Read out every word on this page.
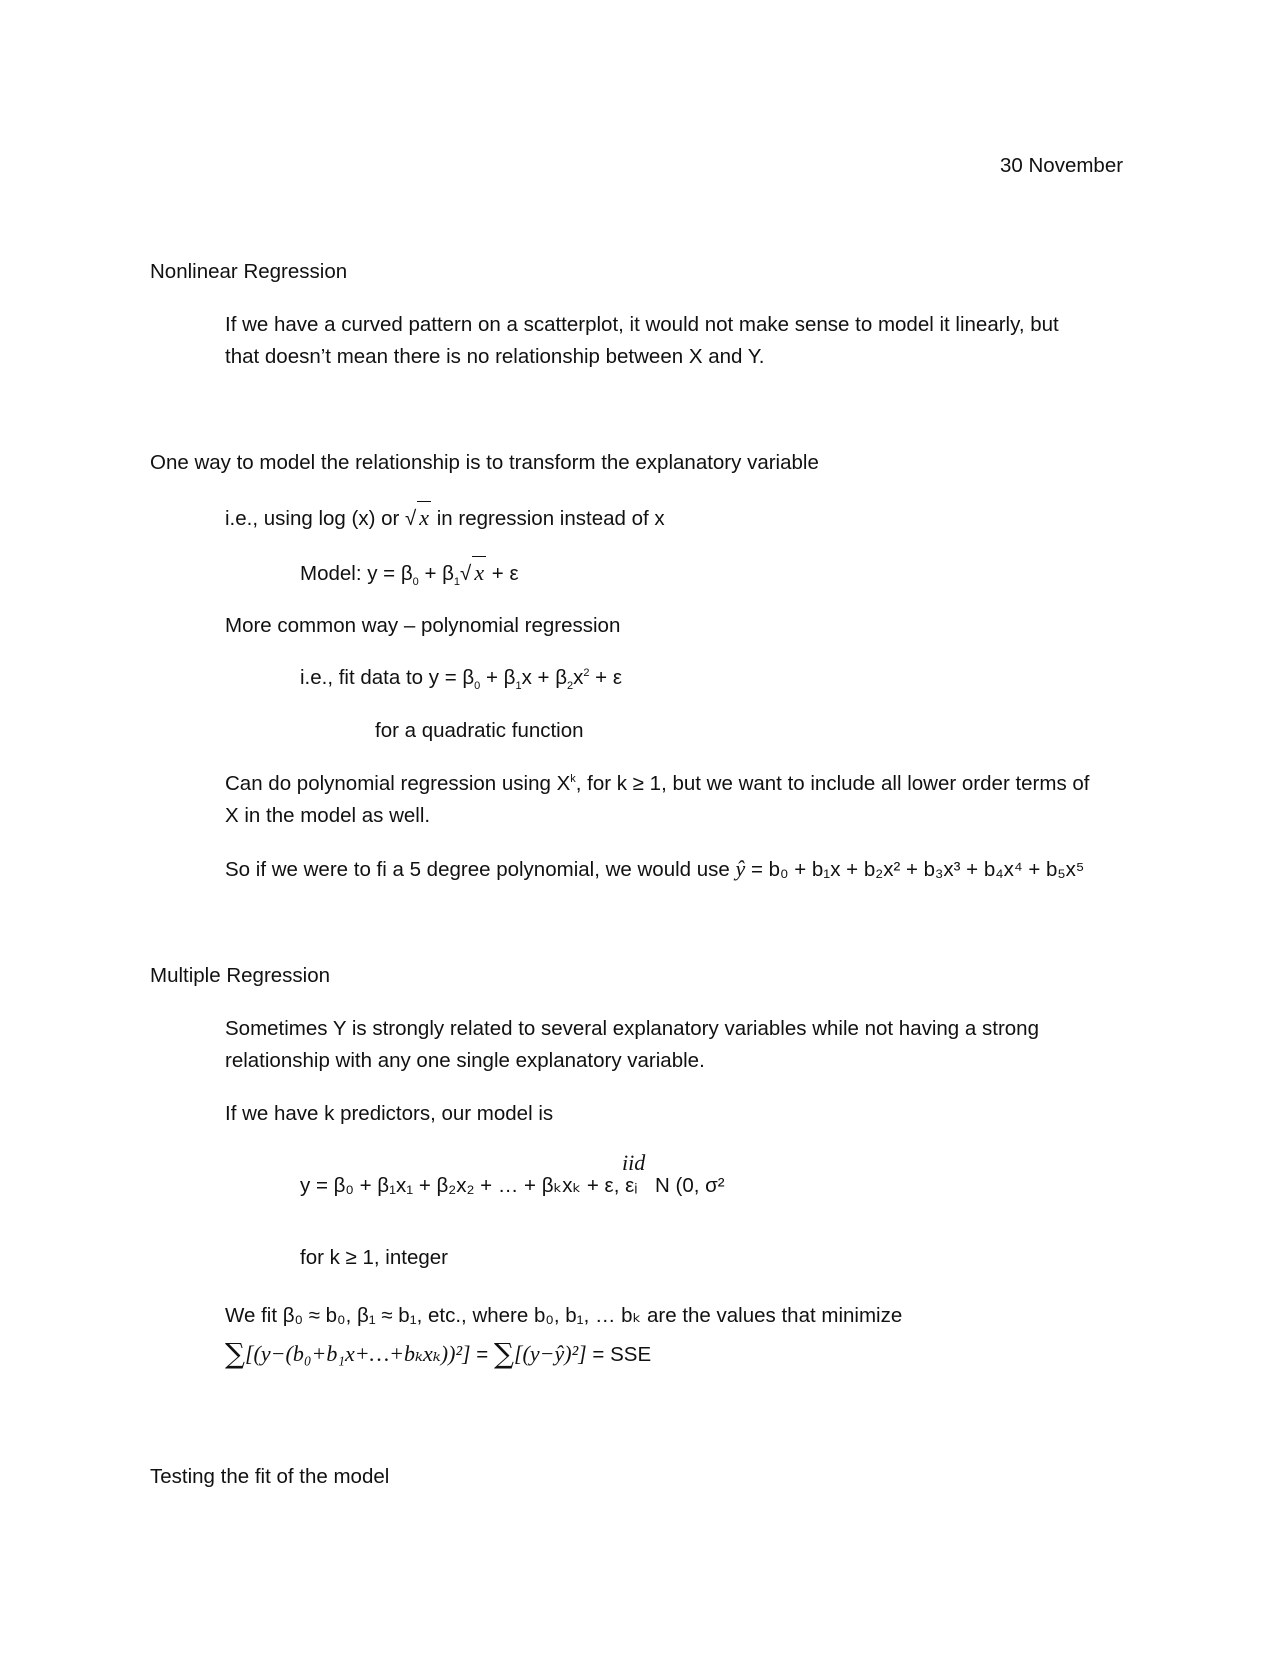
30 November
Nonlinear Regression
If we have a curved pattern on a scatterplot, it would not make sense to model it linearly, but
that doesn’t mean there is no relationship between X and Y.
One way to model the relationship is to transform the explanatory variable
i.e., using log (x) or √ x in regression instead of x
Model: $y = \beta_0 + \beta_1√$ x + ε
More common way – polynomial regression
i.e., fit data to $y = \beta_0 + \beta_1x + \beta_2x^2 + \varepsilon$
for a quadratic function
Can do polynomial regression using $X^k$, for k ≥ 1, but we want to include all lower order terms of
X in the model as well.
So if we were to fi a 5 degree polynomial, we would use ŷ = b₀ + b₁x + b₂x² + b₃x³ + b₄x⁴ + b₅x⁵
Multiple Regression
Sometimes Y is strongly related to several explanatory variables while not having a strong
relationship with any one single explanatory variable.
If we have k predictors, our model is
y = β₀ + β₁x₁ + β₂x₂ + … + βₖxₖ + ε, εᵢ
iid
N (0, σ²
for k ≥ 1, integer
We fit β₀ ≈ b₀, β₁ ≈ b₁, etc., where b₀, b₁, … bₖ are the values that minimize
∑[(y−(b₀+b₁x+…+bₖxₖ))²] = ∑[(y−ŷ)²] = SSE
Testing the fit of the model
